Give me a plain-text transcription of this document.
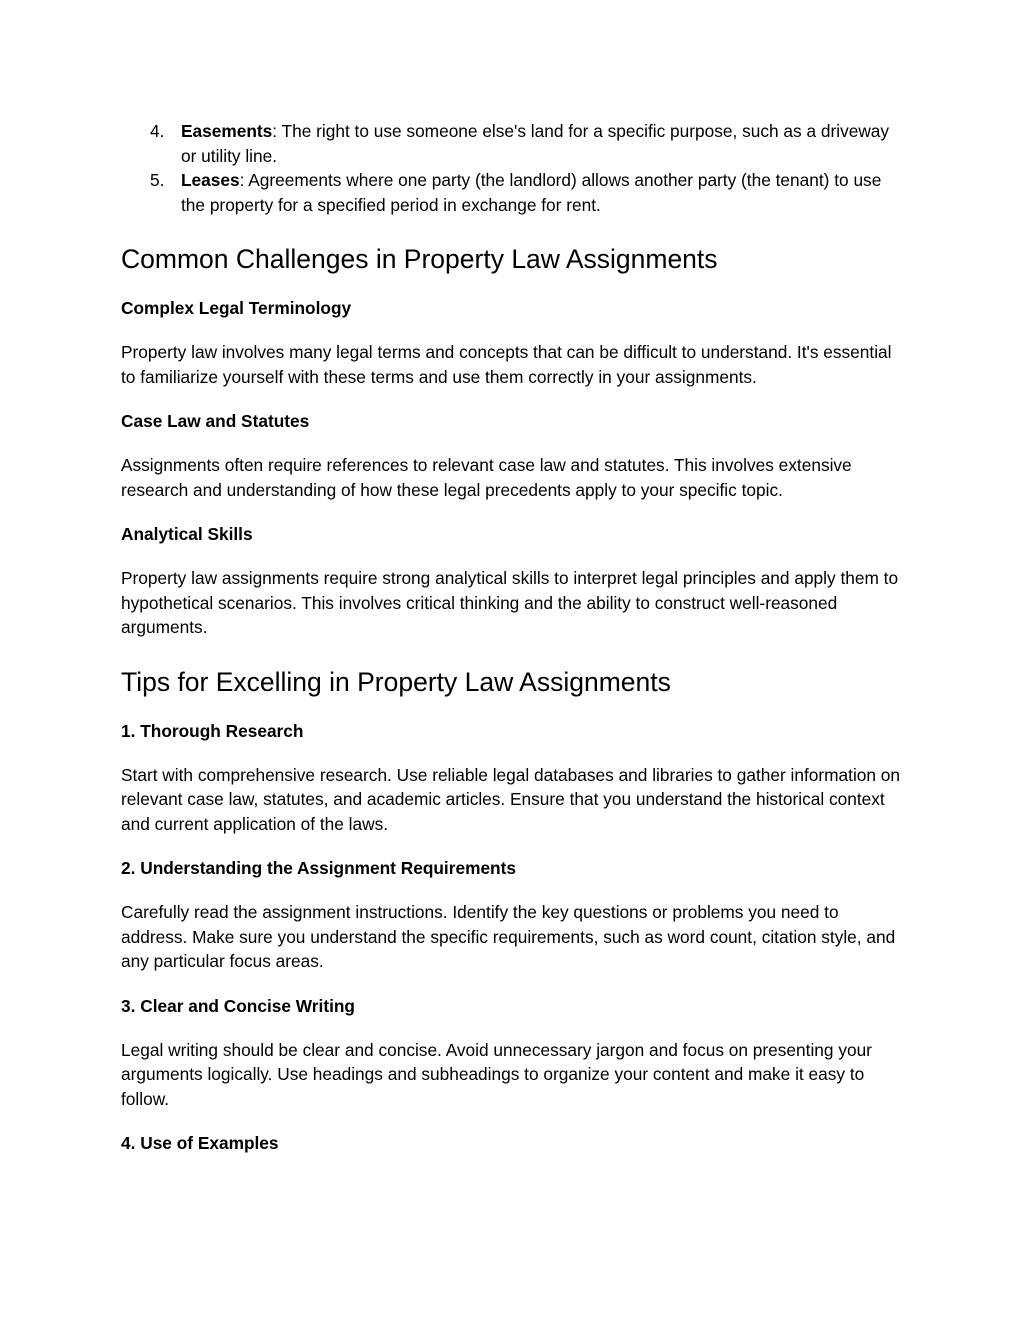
4. Easements: The right to use someone else's land for a specific purpose, such as a driveway or utility line.
5. Leases: Agreements where one party (the landlord) allows another party (the tenant) to use the property for a specified period in exchange for rent.
Common Challenges in Property Law Assignments
Complex Legal Terminology

Property law involves many legal terms and concepts that can be difficult to understand. It's essential to familiarize yourself with these terms and use them correctly in your assignments.

Case Law and Statutes

Assignments often require references to relevant case law and statutes. This involves extensive research and understanding of how these legal precedents apply to your specific topic.

Analytical Skills

Property law assignments require strong analytical skills to interpret legal principles and apply them to hypothetical scenarios. This involves critical thinking and the ability to construct well-reasoned arguments.

Tips for Excelling in Property Law Assignments
1. Thorough Research

Start with comprehensive research. Use reliable legal databases and libraries to gather information on relevant case law, statutes, and academic articles. Ensure that you understand the historical context and current application of the laws.

2. Understanding the Assignment Requirements

Carefully read the assignment instructions. Identify the key questions or problems you need to address. Make sure you understand the specific requirements, such as word count, citation style, and any particular focus areas.

3. Clear and Concise Writing

Legal writing should be clear and concise. Avoid unnecessary jargon and focus on presenting your arguments logically. Use headings and subheadings to organize your content and make it easy to follow.

4. Use of Examples
